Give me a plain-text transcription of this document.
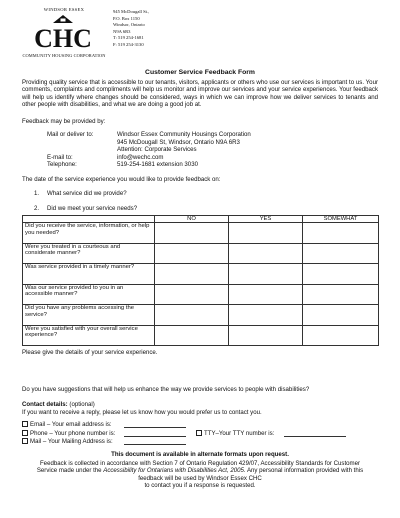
WINDSOR ESSEX
CHC
COMMUNITY HOUSING CORPORATION
945 McDougall St.,
P.O. Box 1150
Windsor, Ontario
N9A 6R3
T: 519 254-1681
F: 519 254-3130
Customer Service Feedback Form
Providing quality service that is accessible to our tenants, visitors, applicants or others who use our services is important to us. Your comments, complaints and compliments will help us monitor and improve our services and your service experiences. Your feedback will help us identify where changes should be considered, ways in which we can improve how we deliver services to tenants and other people with disabilities, and what we are doing a good job at.
Feedback may be provided by:
Mail or deliver to:	Windsor Essex Community Housings Corporation
945 McDougall St, Windsor, Ontario N9A 6R3
Attention: Corporate Services
E-mail to:	info@wechc.com
Telephone:	519-254-1681 extension 3030
The date of the service experience you would like to provide feedback on:
1. What service did we provide?
2. Did we meet your service needs?
	NO	YES	SOMEWHAT
Did you receive the service, information, or help you needed?			
Were you treated in a courteous and considerate manner?			
Was service provided in a timely manner?			
Was our service provided to you in an accessible manner?			
Did you have any problems accessing the service?			
Were you satisfied with your overall service experience?			
Please give the details of your service experience.
Do you have suggestions that will help us enhance the way we provide services to people with disabilities?
Contact details: (optional)
If you want to receive a reply, please let us know how you would prefer us to contact you.
Email – Your email address is:
Phone – Your phone number is:	TTY–Your TTY number is:
Mail – Your Mailing Address is:
This document is available in alternate formats upon request.
Feedback is collected in accordance with Section 7 of Ontario Regulation 429/07, Accessibility Standards for Customer Service made under the Accessibility for Ontarians with Disabilities Act, 2005. Any personal information provided with this feedback will be used by Windsor Essex CHC
to contact you if a response is requested.
